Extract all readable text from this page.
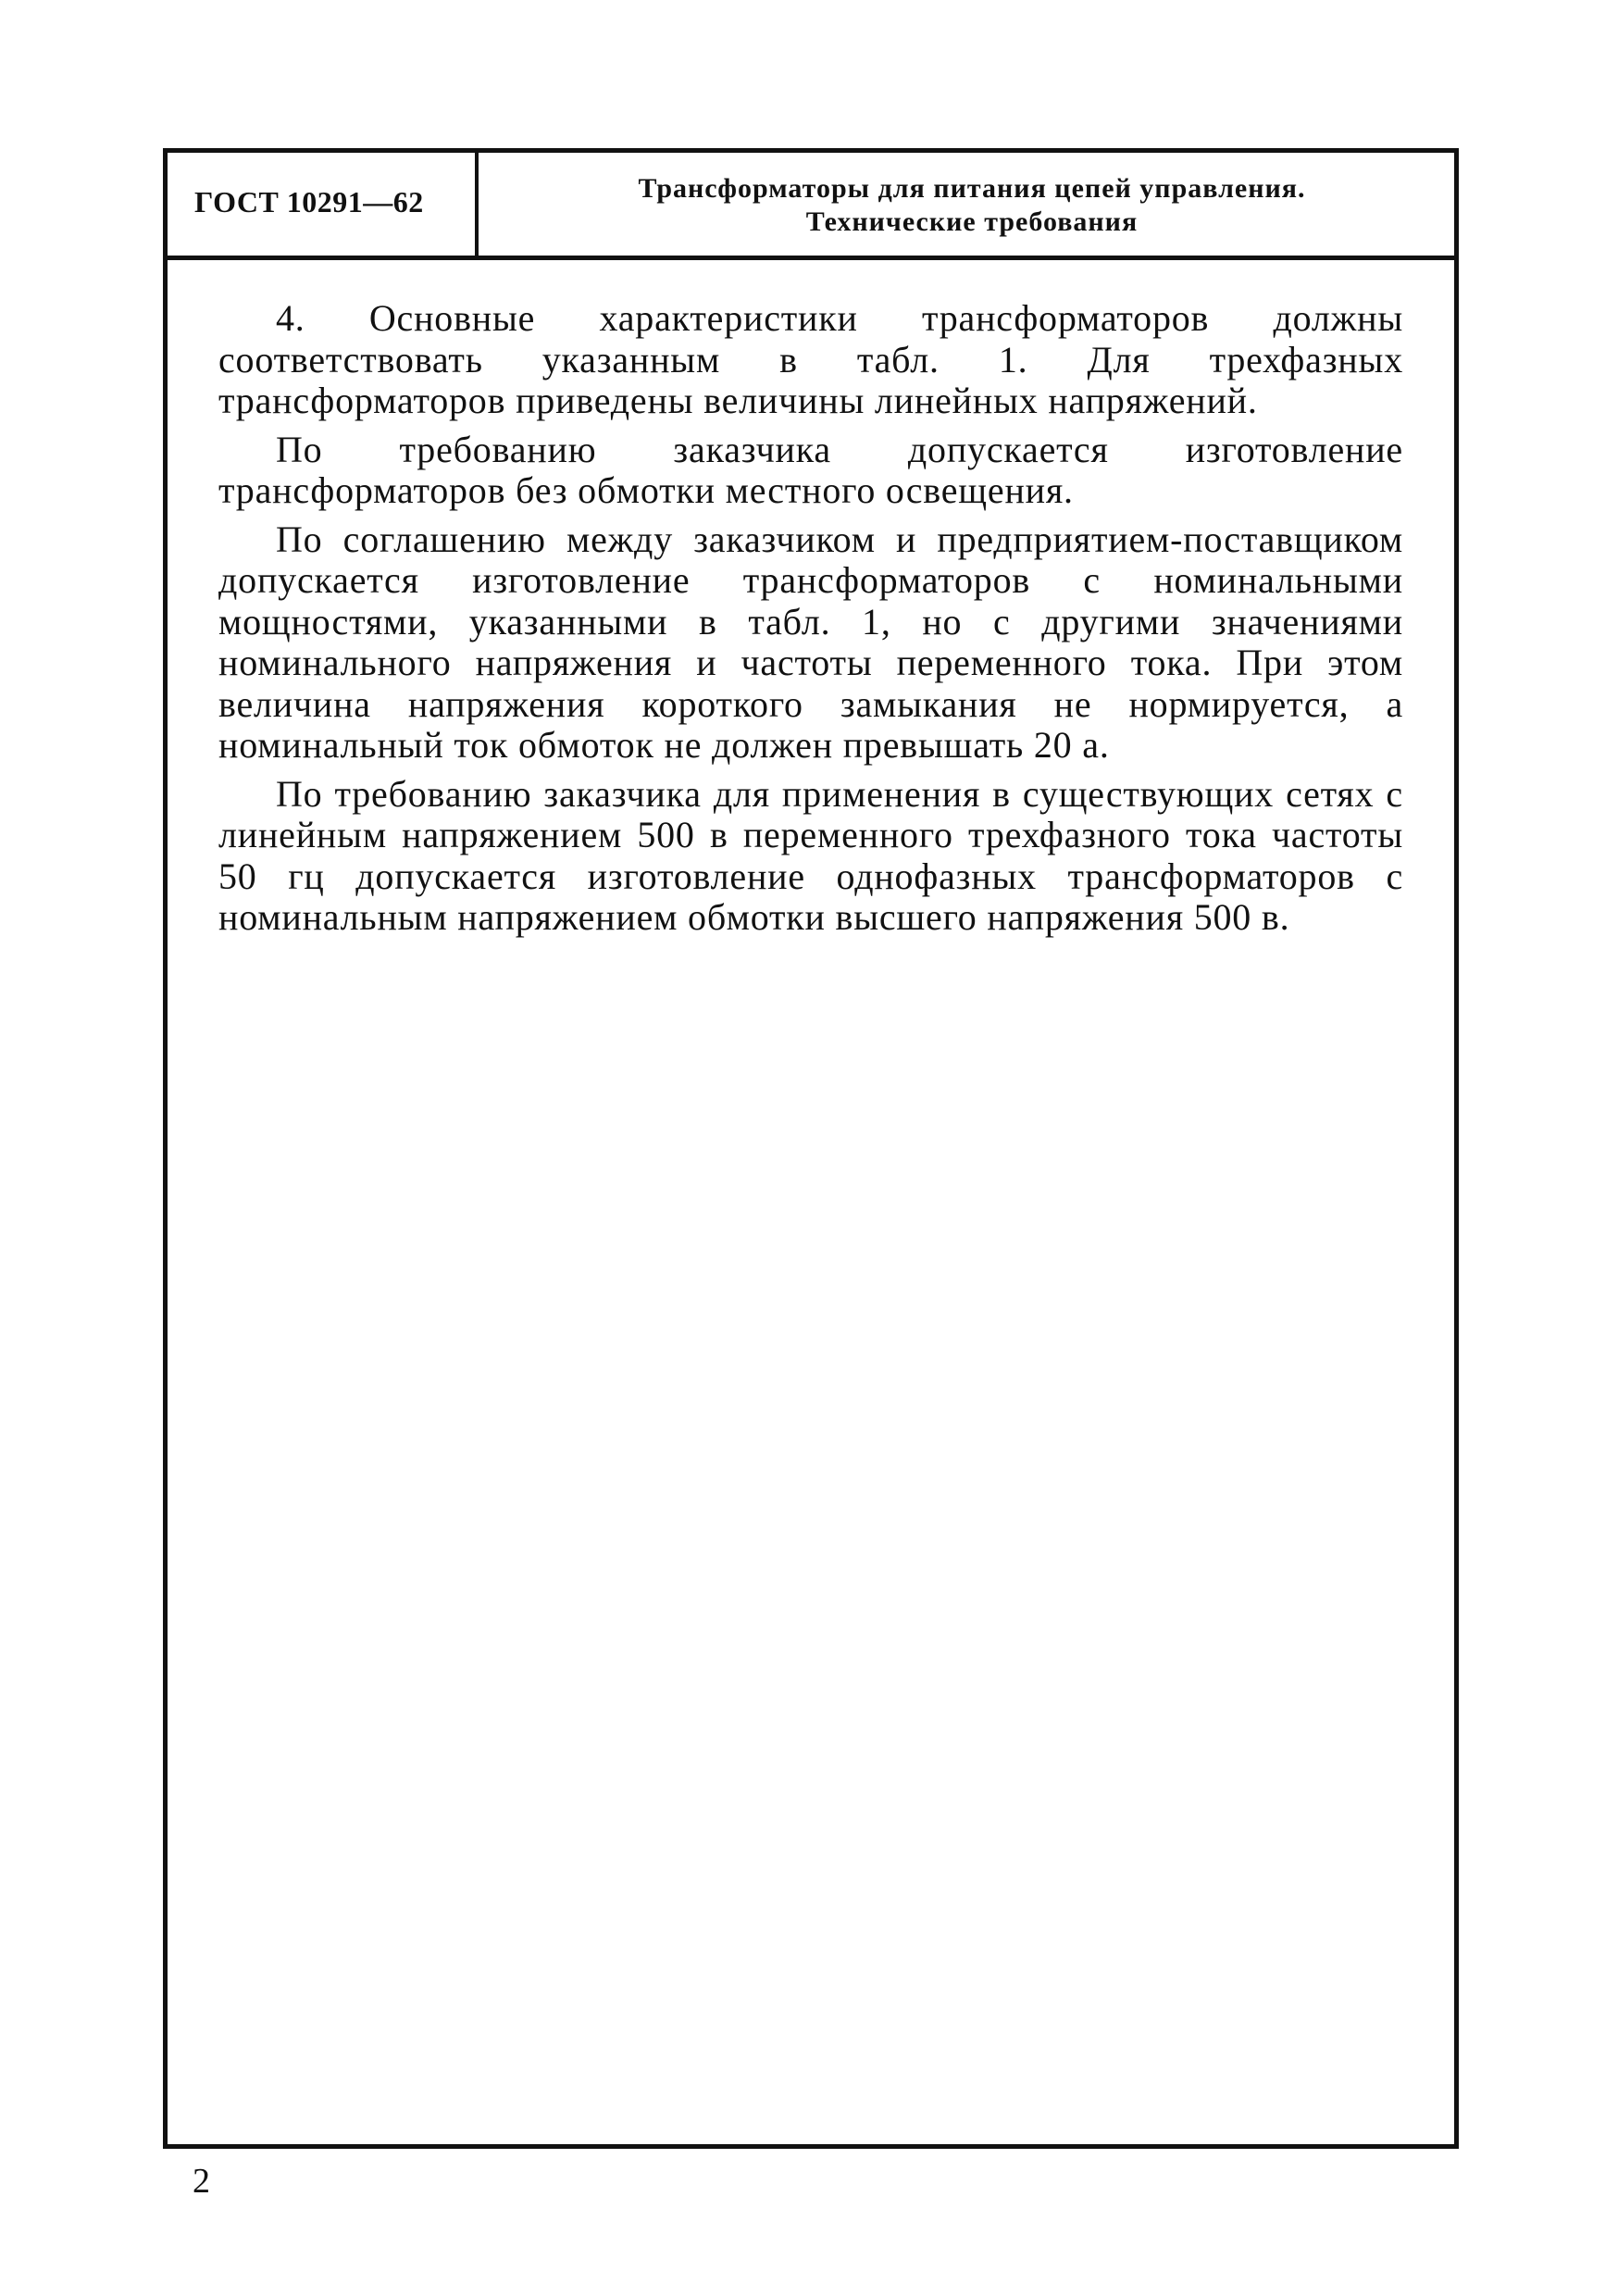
ГОСТ 10291—62	Трансформаторы для питания цепей управления.
Технические требования

4. Основные характеристики трансформаторов должны соответствовать указанным в табл. 1. Для трехфазных трансформаторов приведены величины линейных напряжений.

По требованию заказчика допускается изготовление трансформаторов без обмотки местного освещения.

По соглашению между заказчиком и предприятием-поставщиком допускается изготовление трансформаторов с номинальными мощностями, указанными в табл. 1, но с другими значениями номинального напряжения и частоты переменного тока. При этом величина напряжения короткого замыкания не нормируется, а номинальный ток обмоток не должен превышать 20 а.

По требованию заказчика для применения в существующих сетях с линейным напряжением 500 в переменного трехфазного тока частоты 50 гц допускается изготовление однофазных трансформаторов с номинальным напряжением обмотки высшего напряжения 500 в.

2
